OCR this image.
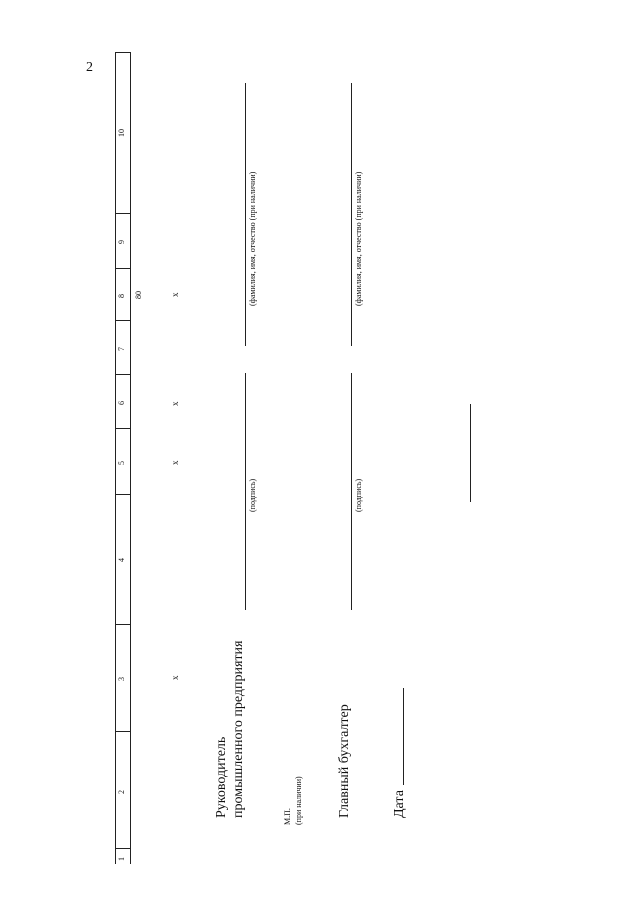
2
10
9
8
7
6
5
4
3
2
1
80	x
x
x
x
Руководитель промышленного предприятия	М.П. (при наличии)
(подпись)
(фамилия, имя, отчество (при наличии)
Главный бухгалтер
(подпись)
(фамилия, имя, отчество (при наличии)
Дата
